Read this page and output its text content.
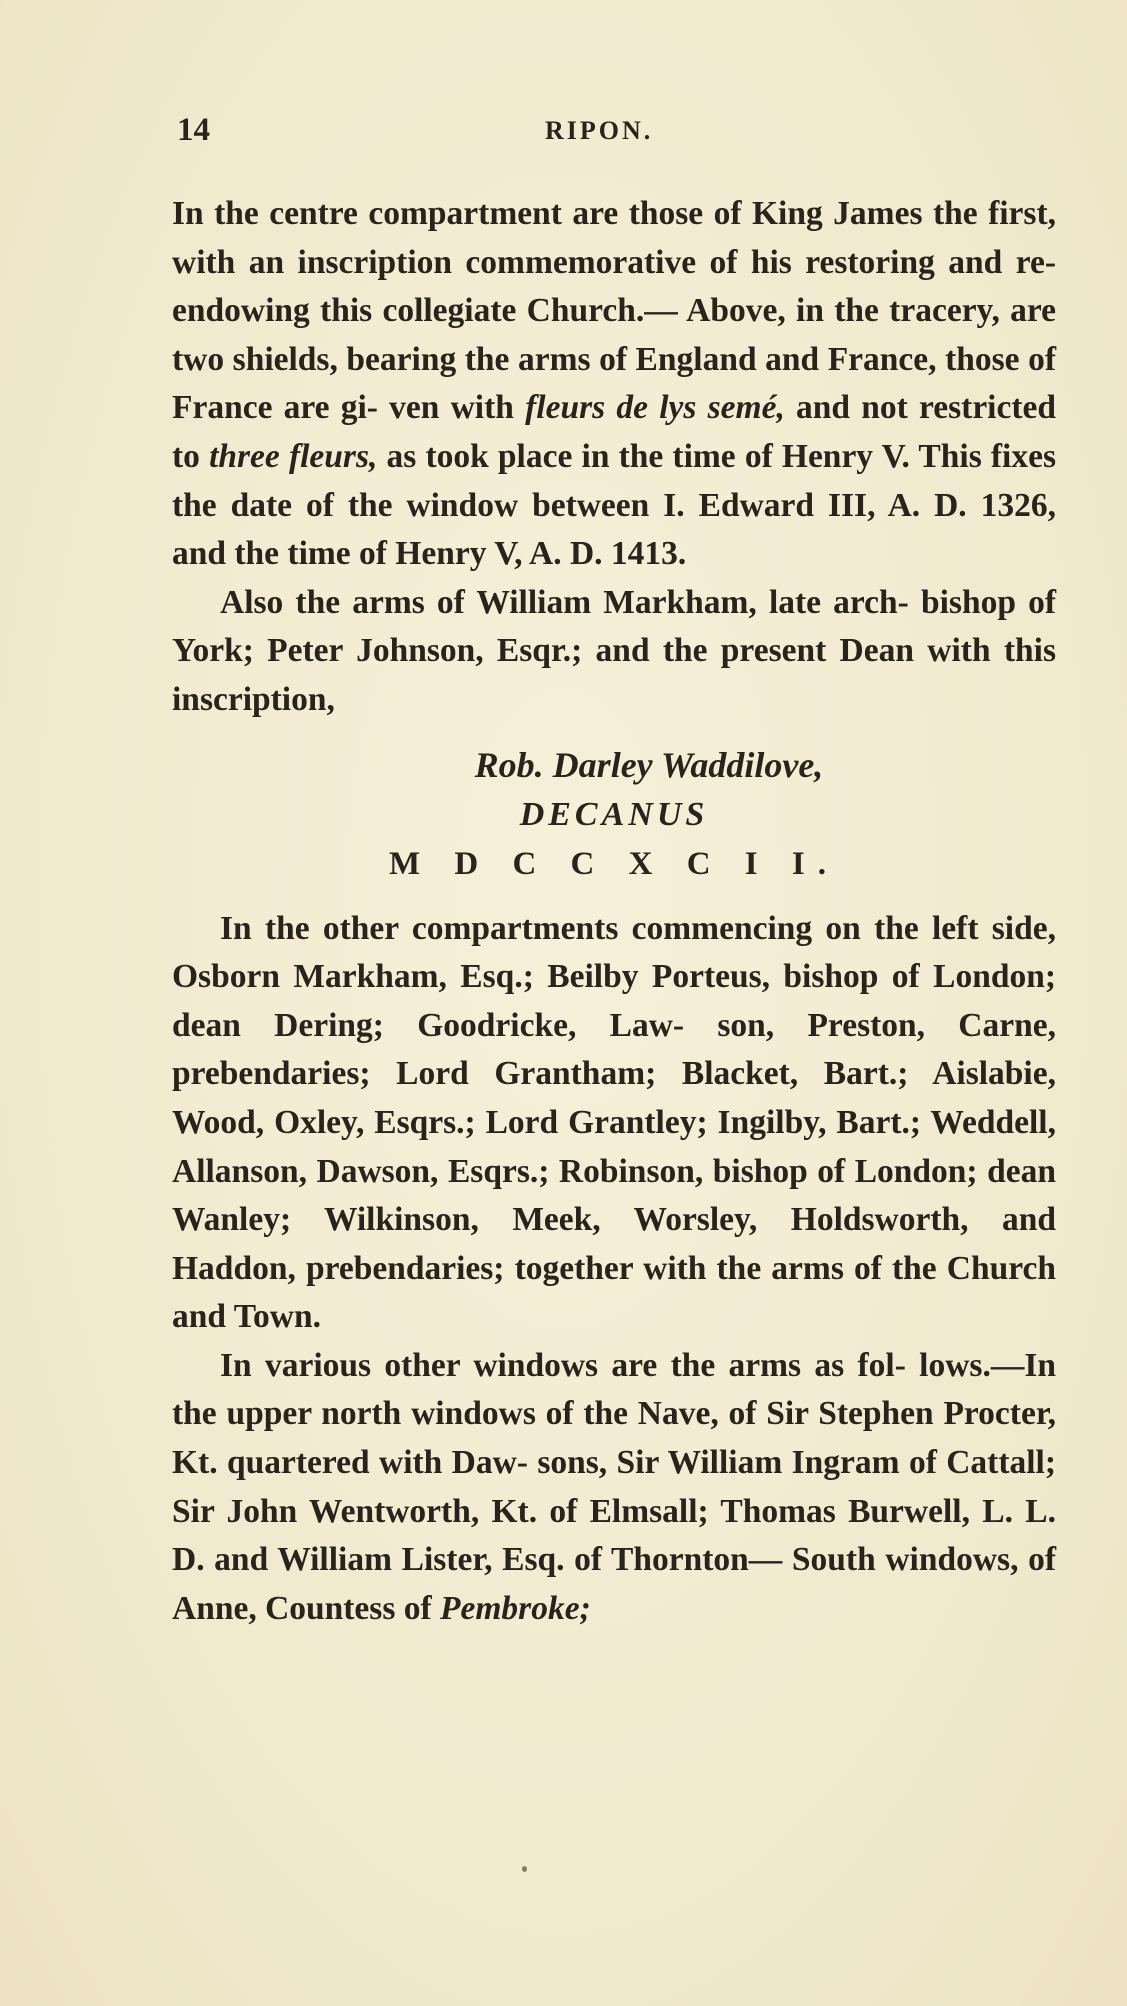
14	RIPON.

In the centre compartment are those of King James the first, with an inscription commemorative of his restoring and re-endowing this collegiate Church.— Above, in the tracery, are two shields, bearing the arms of England and France, those of France are gi- ven with fleurs de lys semé, and not restricted to three fleurs, as took place in the time of Henry V. This fixes the date of the window between I. Edward III, A. D. 1326, and the time of Henry V, A. D. 1413.

Also the arms of William Markham, late arch- bishop of York; Peter Johnson, Esqr.; and the present Dean with this inscription,

Rob. Darley Waddilove,
DECANUS
M D C C X C I I.

In the other compartments commencing on the left side, Osborn Markham, Esq.; Beilby Porteus, bishop of London; dean Dering; Goodricke, Law- son, Preston, Carne, prebendaries; Lord Grantham; Blacket, Bart.; Aislabie, Wood, Oxley, Esqrs.; Lord Grantley; Ingilby, Bart.; Weddell, Allanson, Dawson, Esqrs.; Robinson, bishop of London; dean Wanley; Wilkinson, Meek, Worsley, Holdsworth, and Haddon, prebendaries; together with the arms of the Church and Town.

In various other windows are the arms as fol- lows.—In the upper north windows of the Nave, of Sir Stephen Procter, Kt. quartered with Daw- sons, Sir William Ingram of Cattall; Sir John Wentworth, Kt. of Elmsall; Thomas Burwell, L. L. D. and William Lister, Esq. of Thornton— South windows, of Anne, Countess of Pembroke;
